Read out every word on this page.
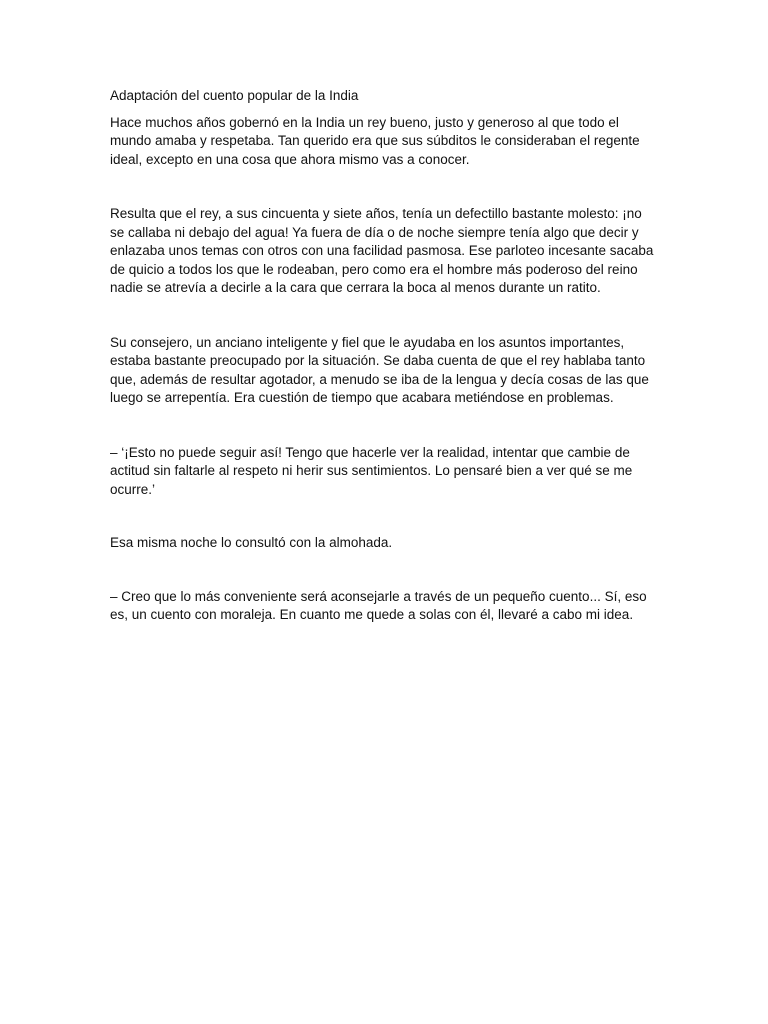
Adaptación del cuento popular de la India

Hace muchos años gobernó en la India un rey bueno, justo y generoso al que todo el mundo amaba y respetaba. Tan querido era que sus súbditos le consideraban el regente ideal, excepto en una cosa que ahora mismo vas a conocer.

Resulta que el rey, a sus cincuenta y siete años, tenía un defectillo bastante molesto: ¡no se callaba ni debajo del agua! Ya fuera de día o de noche siempre tenía algo que decir y enlazaba unos temas con otros con una facilidad pasmosa. Ese parloteo incesante sacaba de quicio a todos los que le rodeaban, pero como era el hombre más poderoso del reino nadie se atrevía a decirle a la cara que cerrara la boca al menos durante un ratito.

Su consejero, un anciano inteligente y fiel que le ayudaba en los asuntos importantes, estaba bastante preocupado por la situación. Se daba cuenta de que el rey hablaba tanto que, además de resultar agotador, a menudo se iba de la lengua y decía cosas de las que luego se arrepentía. Era cuestión de tiempo que acabara metiéndose en problemas.

– ‘¡Esto no puede seguir así! Tengo que hacerle ver la realidad, intentar que cambie de actitud sin faltarle al respeto ni herir sus sentimientos. Lo pensaré bien a ver qué se me ocurre.’

Esa misma noche lo consultó con la almohada.

– Creo que lo más conveniente será aconsejarle a través de un pequeño cuento... Sí, eso es, un cuento con moraleja. En cuanto me quede a solas con él, llevaré a cabo mi idea.
